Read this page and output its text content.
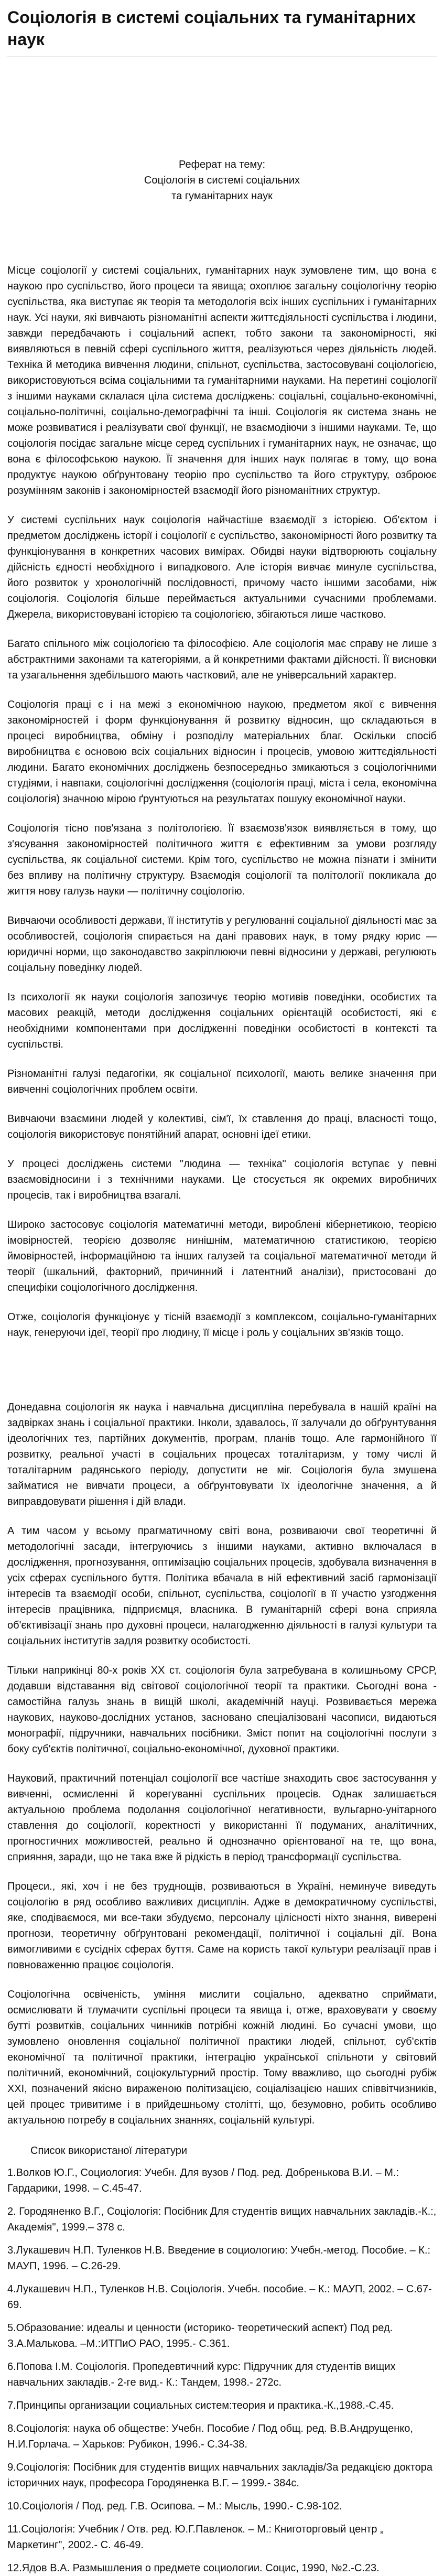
Соціологія в системі соціальних та гуманітарних наук

Реферат на тему:

Соціологія в системі соціальних

та гуманітарних наук

Місце соціології у системі соціальних, гуманітарних наук зумовлене тим, що вона є наукою про суспільство, його процеси та явища; охоплює загальну соціологічну теорію суспільства, яка виступає як теорія та методологія всіх інших суспільних і гуманітарних наук. Усі науки, які вивчають різноманітні аспекти життєдіяльності суспільства і людини, завжди передбачають і соціальний аспект, тобто закони та закономірності, які виявляються в певній сфері суспільного життя, реалізуються через діяльність людей. Техніка й методика вивчення людини, спільнот, суспільства, застосовувані соціологією, використовуються всіма соціальними та гуманітарними науками. На перетині соціології з іншими науками склалася ціла система досліджень: соціальні, соціально-економічні, соціально-політичні, соціально-демографічні та інші. Соціологія як система знань не може розвиватися і реалізувати свої функції, не взаємодіючи з іншими науками. Те, що соціологія посідає загальне місце серед суспільних і гуманітарних наук, не означає, що вона є філософською наукою. Її значення для інших наук полягає в тому, що вона продуктує наукою обґрунтовану теорію про суспільство та його структуру, озброює розумінням законів і закономірностей взаємодії його різноманітних структур.

У системі суспільних наук соціологія найчастіше взаємодії з історією. Об'єктом і предметом досліджень історії і соціології є суспільство, закономірності його розвитку та функціонування в конкретних часових вимірах. Обидві науки відтворюють соціальну дійсність єдності необхідного і випадкового. Але історія вивчає минуле суспільства, його розвиток у хронологічній послідовності, причому часто іншими засобами, ніж соціологія. Соціологія більше переймається актуальними сучасними проблемами. Джерела, використовувані історією та соціологією, збігаються лише частково.

Багато спільного між соціологією та філософією. Але соціологія має справу не лише з абстрактними законами та категоріями, а й конкретними фактами дійсності. Її висновки та узагальнення здебільшого мають частковий, але не універсальний характер.

Соціологія праці є і на межі з економічною наукою, предметом якої є вивчення закономірностей і форм функціонування й розвитку відносин, що складаються в процесі виробництва, обміну і розподілу матеріальних благ. Оскільки спосіб виробництва є основою всіх соціальних відносин і процесів, умовою життєдіяльності людини. Багато економічних досліджень безпосередньо змикаються з соціологічними студіями, і навпаки, соціологічні дослідження (соціологія праці, міста і села, економічна соціологія) значною мірою ґрунтуються на результатах пошуку економічної науки.

Соціологія тісно пов'язана з політологією. Її взаємозв'язок виявляється в тому, що з'ясування закономірностей політичного життя є ефективним за умови розгляду суспільства, як соціальної системи. Крім того, суспільство не можна пізнати і змінити без впливу на політичну структуру. Взаємодія соціології та політології покликала до життя нову галузь науки — політичну соціологію.

Вивчаючи особливості держави, її інститутів у регулюванні соціальної діяльності має за особливостей, соціологія спирається на дані правових наук, в тому рядку юрис — юридичні норми, що законодавство закріплюючи певні відносини у державі, регулюють соціальну поведінку людей.

Із психології як науки соціологія запозичує теорію мотивів поведінки, особистих та масових реакцій, методи дослідження соціальних орієнтацій особистості, які є необхідними компонентами при дослідженні поведінки особистості в контексті та суспільстві.

Різноманітні галузі педагогіки, як соціальної психології, мають велике значення при вивченні соціологічних проблем освіти.

Вивчаючи взаємини людей у колективі, сім'ї, їх ставлення до праці, власності тощо, соціологія використовує понятійний апарат, основні ідеї етики.

У процесі досліджень системи "людина — техніка" соціологія вступає у певні взаємовідносини і з технічними науками. Це стосується як окремих виробничих процесів, так і виробництва взагалі.

Широко застосовує соціологія математичні методи, вироблені кібернетикою, теорією імовірностей, теорією дозволяє нинішнім, математичною статистикою, теорією ймовірностей, інформаційною та інших галузей та соціальної математичної методи й теорії (шкальний, факторний, причинний і латентний аналізи), пристосовані до специфіки соціологічного дослідження.

Отже, соціологія функціонує у тісній взаємодії з комплексом, соціально-гуманітарних наук, генеруючи ідеї, теорії про людину, її місце і роль у соціальних зв'язків тощо.

Донедавна соціологія як наука і навчальна дисципліна перебувала в нашій країні на задвірках знань і соціальної практики. Інколи, здавалось, її залучали до обґрунтування ідеологічних тез, партійних документів, програм, планів тощо. Але гармонійного її розвитку, реальної участі в соціальних процесах тоталітаризм, у тому числі й тоталітарним радянського періоду, допустити не міг. Соціологія була змушена займатися не вивчати процеси, а обґрунтовувати їх ідеологічне значення, а й виправдовувати рішення і дій влади.

А тим часом у всьому прагматичному світі вона, розвиваючи свої теоретичні й методологічні засади, інтегруючись з іншими науками, активно включалася в дослідження, прогнозування, оптимізацію соціальних процесів, здобувала визначення в усіх сферах суспільного буття. Політика вбачала в ній ефективний засіб гармонізації інтересів та взаємодії особи, спільнот, суспільства, соціології в її участю узгодження інтересів працівника, підприємця, власника. В гуманітарній сфері вона сприяла об'єктивізації знань про духовні процеси, налагодженню діяльності в галузі культури та соціальних інститутів задля розвитку особистості.

Тільки наприкінці 80-х років XX ст. соціологія була затребувана в колишньому СРСР, додавши відставання від світової соціологічної теорії та практики. Сьогодні вона - самостійна галузь знань в вищій школі, академічній науці. Розвивається мережа наукових, науково-дослідних установ, засновано спеціалізовані часописи, видаються монографії, підручники, навчальних посібники. Зміст попит на соціологічні послуги з боку суб'єктів політичної, соціально-економічної, духовної практики.

Науковий, практичний потенціал соціології все частіше знаходить своє застосування у вивченні, осмисленні й корегуванні суспільних процесів. Однак залишається актуальною проблема подолання соціологічної негативности, вульгарно-унітарного ставлення до соціології, коректності у використанні її подуманих, аналітичних, прогностичних можливостей, реально й однозначно орієнтованої на те, що вона, сприяння, заради, що не така вже й рідкість в період трансформації суспільства.

Процеси., які, хоч і не без труднощів, розвиваються в Україні, неминуче виведуть соціологію в ряд особливо важливих дисциплін. Адже в демократичному суспільстві, яке, сподіваємося, ми все-таки збудуємо, персоналу цілісності ніхто знання, виверені прогнози, теоретичну обґрунтовані рекомендації, політичної і соціальні дії. Вона вимогливими є сусідніх сферах буття. Саме на користь такої культури реалізації прав і повноваженню працює соціологія.

Соціологічна освіченість, уміння мислити соціально, адекватно сприймати, осмислювати й тлумачити суспільні процеси та явища і, отже, враховувати у своєму бутті розвитків, соціальних чинників потрібні кожній людині. Бо сучасні умови, що зумовлено оновлення соціальної політичної практики людей, спільнот, суб'єктів економічної та політичної практики, інтеграцію української спільноти у світовий політичний, економічний, соціокультурний простір. Тому вважливо, що сьогодні рубіж XXI, позначений якісно вираженою політизацією, соціалізацією наших співвітчизників, цей процес тривитиме і в прийдешньому столітті, що, безумовно, робить особливо актуальною потребу в соціальних знаннях, соціальній культурі.

Список використаної літератури
1.Волков Ю.Г., Социология: Учебн. Для вузов / Под. ред. Добренькова В.И. – М.: Гардарики, 1998. – С.45-47.
2. Городяненко В.Г., Соціологія: Посібник Для студентів вищих навчальних закладів.-К.:, Академія", 1999.– 378 с.
3.Лукашевич Н.П. Туленков Н.В. Введение в социологию: Учебн.-метод. Пособие. – К.: МАУП, 1996. – С.26-29.
4.Лукашевич Н.П., Туленков Н.В. Соціологія. Учебн. пособие. – К.: МАУП, 2002. – С.67-69.
5.Образование: идеалы и ценности (историко- теоретический аспект) Под ред. З.А.Малькова. –М.:ИТПиО РАО, 1995.- С.361.
6.Попова І.М. Соціологія. Пропедевтичний курс: Підручник для студентів вищих навчальних закладів.- 2-ге вид.- К.: Тандем, 1998.- 272с.
7.Принципы организации социальных систем:теория и практика.-К.,1988.-С.45.
8.Соціологія: наука об обществе: Учебн. Пособие / Под общ. ред. В.В.Андрущенко, Н.И.Горлача. – Харьков: Рубикон, 1996.- С.34-38.
9.Соціологія: Посібник для студентів вищих навчальних закладів/За редакцією доктора історичних наук, професора Городяненка В.Г. – 1999.- 384с.
10.Соціологія / Под. ред. Г.В. Осипова. – М.: Мысль, 1990.- С.98-102.
11.Соціологія: Учебник / Отв. ред. Ю.Г.Павленок. – М.: Книготорговый центр „ Маркетинг", 2002.- С. 46-49.
12.Ядов В.А. Размышления о предмете социологии. Социс, 1990, №2.-С.23.
